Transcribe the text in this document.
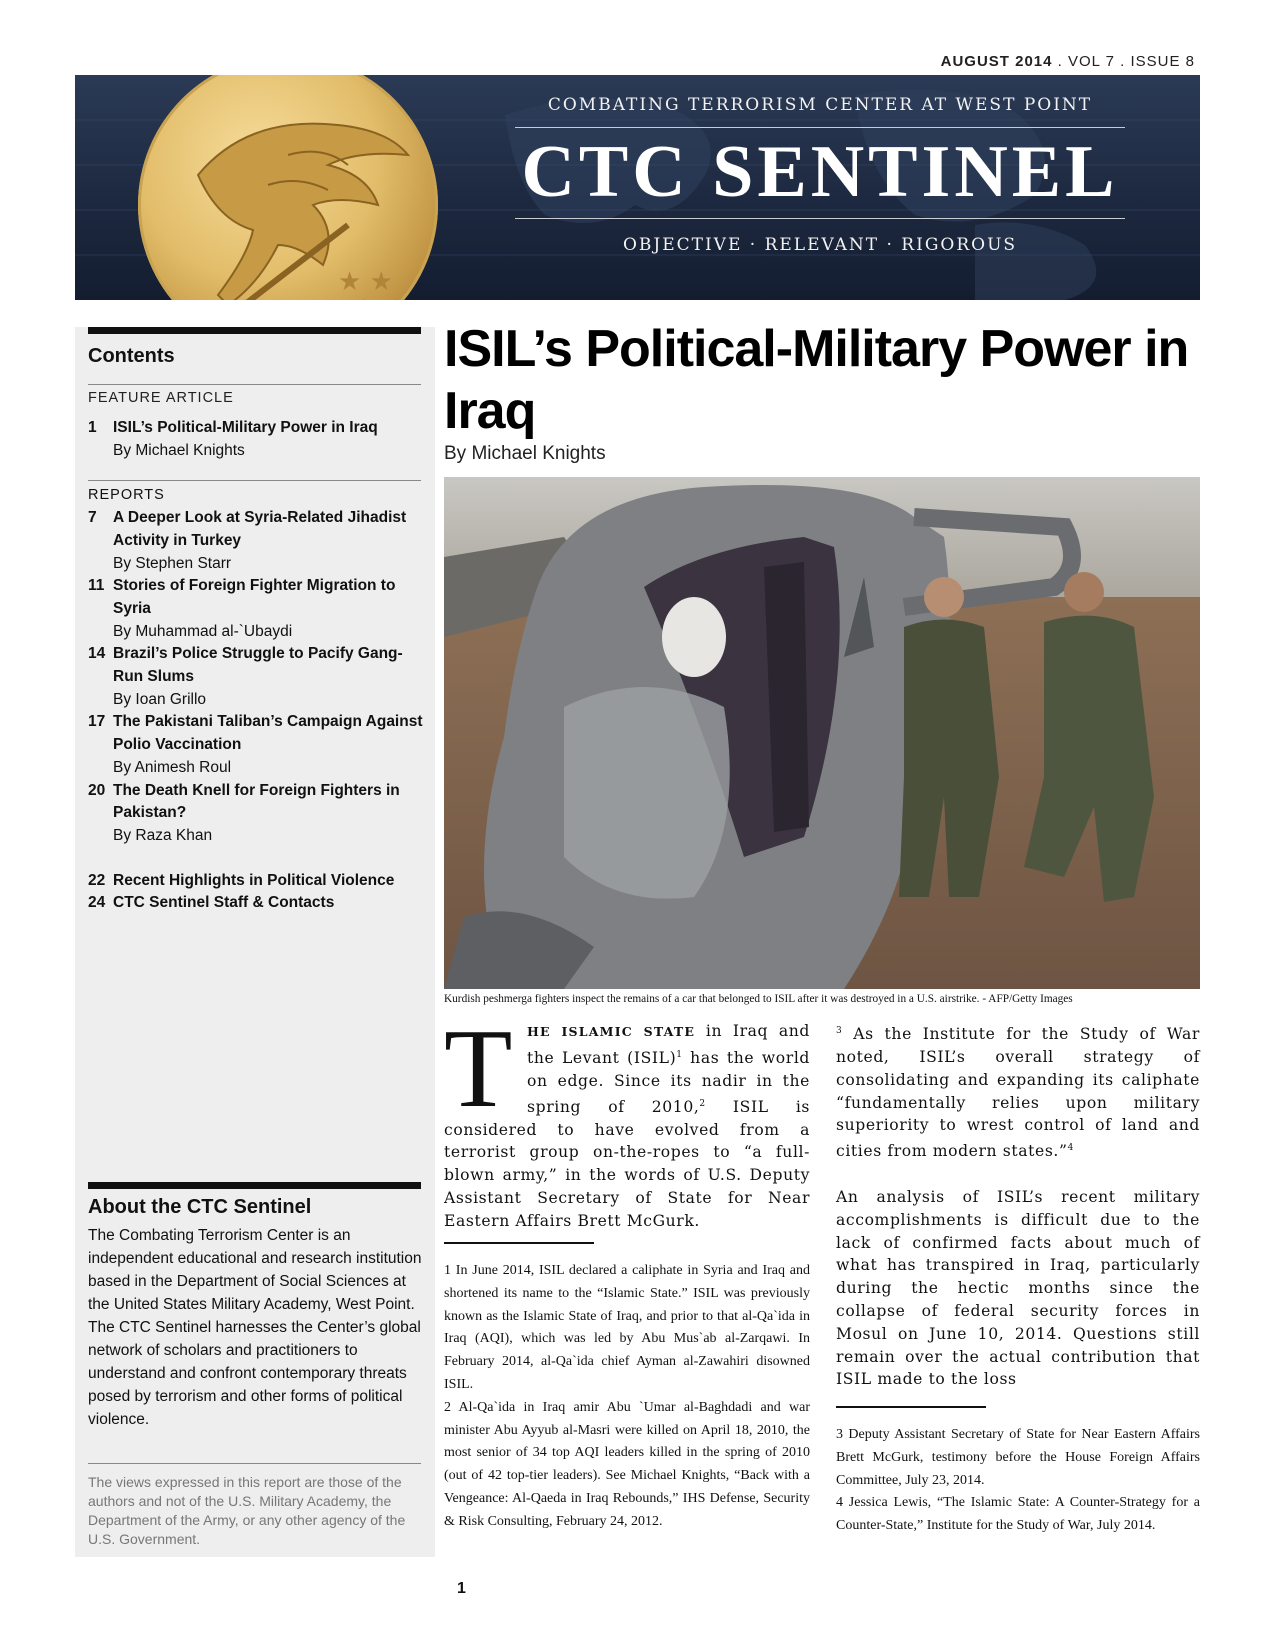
AUGUST 2014 . VOL 7 . ISSUE 8
★ ★
★ ★
COMBATING TERRORISM CENTER AT WEST POINT
CTC SENTINEL
OBJECTIVE · RELEVANT · RIGOROUS
Contents
FEATURE ARTICLE
1	ISIL’s Political-Military Power in Iraq
By Michael Knights
REPORTS
7	A Deeper Look at Syria-Related Jihadist Activity in Turkey
By Stephen Starr
11 Stories of Foreign Fighter Migration to Syria
By Muhammad al-`Ubaydi
14 Brazil’s Police Struggle to Pacify Gang-Run Slums
By Ioan Grillo
17 The Pakistani Taliban’s Campaign Against Polio Vaccination
By Animesh Roul
20 The Death Knell for Foreign Fighters in Pakistan?
By Raza Khan
22 Recent Highlights in Political Violence
24 CTC Sentinel Staff & Contacts
About the CTC Sentinel
The Combating Terrorism Center is an independent educational and research institution based in the Department of Social Sciences at the United States Military Academy, West Point. The CTC Sentinel harnesses the Center’s global network of scholars and practitioners to understand and confront contemporary threats posed by terrorism and other forms of political violence.
The views expressed in this report are those of the authors and not of the U.S. Military Academy, the Department of the Army, or any other agency of the U.S. Government.
ISIL’s Political-Military Power in Iraq
By Michael Knights
Kurdish peshmerga fighters inspect the remains of a car that belonged to ISIL after it was destroyed in a U.S. airstrike. - AFP/Getty Images

T HE ISLAMIC STATE in Iraq and the Levant (ISIL)$^1$ has the world on edge. Since its nadir in the spring of 2010,$^2$ ISIL is considered to have evolved from a terrorist group on-the-ropes to “a full-blown army,” in the words of U.S. Deputy Assistant Secretary of State for Near Eastern Affairs Brett McGurk.

$^3$ As the Institute for the Study of War noted, ISIL’s overall strategy of consolidating and expanding its caliphate “fundamentally relies upon military superiority to wrest control of land and cities from modern states.”$^4$

An analysis of ISIL’s recent military accomplishments is difficult due to the lack of confirmed facts about much of what has transpired in Iraq, particularly during the hectic months since the collapse of federal security forces in Mosul on June 10, 2014. Questions still remain over the actual contribution that ISIL made to the loss

1 In June 2014, ISIL declared a caliphate in Syria and Iraq and shortened its name to the “Islamic State.” ISIL was previously known as the Islamic State of Iraq, and prior to that al-Qa`ida in Iraq (AQI), which was led by Abu Mus`ab al-Zarqawi. In February 2014, al-Qa`ida chief Ayman al-Zawahiri disowned ISIL.
2 Al-Qa`ida in Iraq amir Abu `Umar al-Baghdadi and war minister Abu Ayyub al-Masri were killed on April 18, 2010, the most senior of 34 top AQI leaders killed in the spring of 2010 (out of 42 top-tier leaders). See Michael Knights, “Back with a Vengeance: Al-Qaeda in Iraq Rebounds,” IHS Defense, Security & Risk Consulting, February 24, 2012.
3 Deputy Assistant Secretary of State for Near Eastern Affairs Brett McGurk, testimony before the House Foreign Affairs Committee, July 23, 2014.
4 Jessica Lewis, “The Islamic State: A Counter-Strategy for a Counter-State,” Institute for the Study of War, July 2014.
1
